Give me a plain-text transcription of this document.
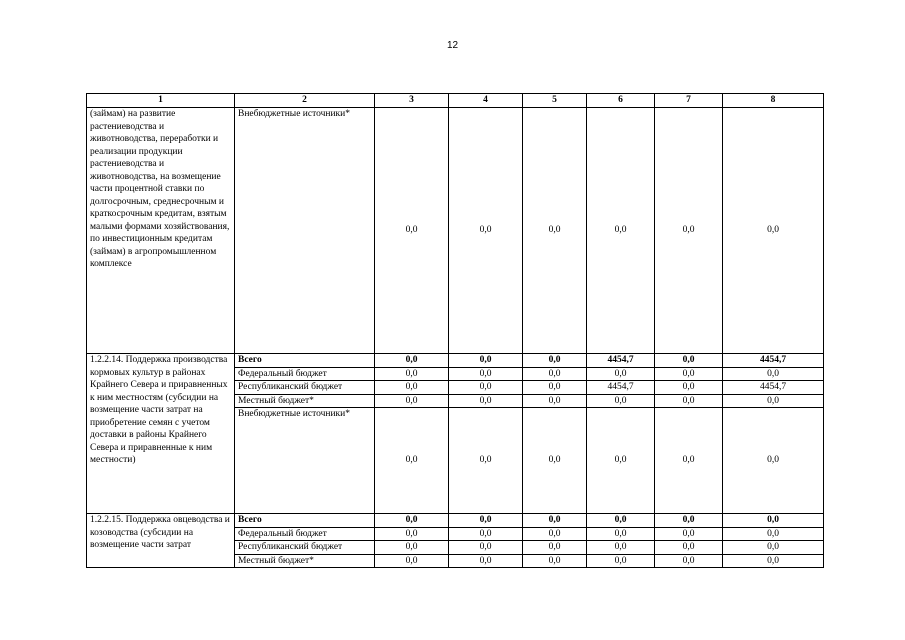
12
1	2	3	4	5	6	7	8
(займам) на развитие растениеводства и животноводства, переработки и реализации продукции растениеводства и животноводства, на возмещение части процентной ставки по долгосрочным, среднесрочным и краткосрочным кредитам, взятым малыми формами хозяйствования, по инвестиционным кредитам (займам) в агропромышленном комплексе	Внебюджетные источники*	0,0	0,0	0,0	0,0	0,0	0,0
1.2.2.14. Поддержка производства кормовых культур в районах Крайнего Севера и приравненных к ним местностям (субсидии на возмещение части затрат на приобретение семян с учетом доставки в районы Крайнего Севера и приравненные к ним местности)	Всего	0,0	0,0	0,0	4454,7	0,0	4454,7
	Федеральный бюджет	0,0	0,0	0,0	0,0	0,0	0,0
	Республиканский бюджет	0,0	0,0	0,0	4454,7	0,0	4454,7
	Местный бюджет*	0,0	0,0	0,0	0,0	0,0	0,0
	Внебюджетные источники*	0,0	0,0	0,0	0,0	0,0	0,0
1.2.2.15. Поддержка овцеводства и козоводства (субсидии на возмещение части затрат	Всего	0,0	0,0	0,0	0,0	0,0	0,0
	Федеральный бюджет	0,0	0,0	0,0	0,0	0,0	0,0
	Республиканский бюджет	0,0	0,0	0,0	0,0	0,0	0,0
	Местный бюджет*	0,0	0,0	0,0	0,0	0,0	0,0
